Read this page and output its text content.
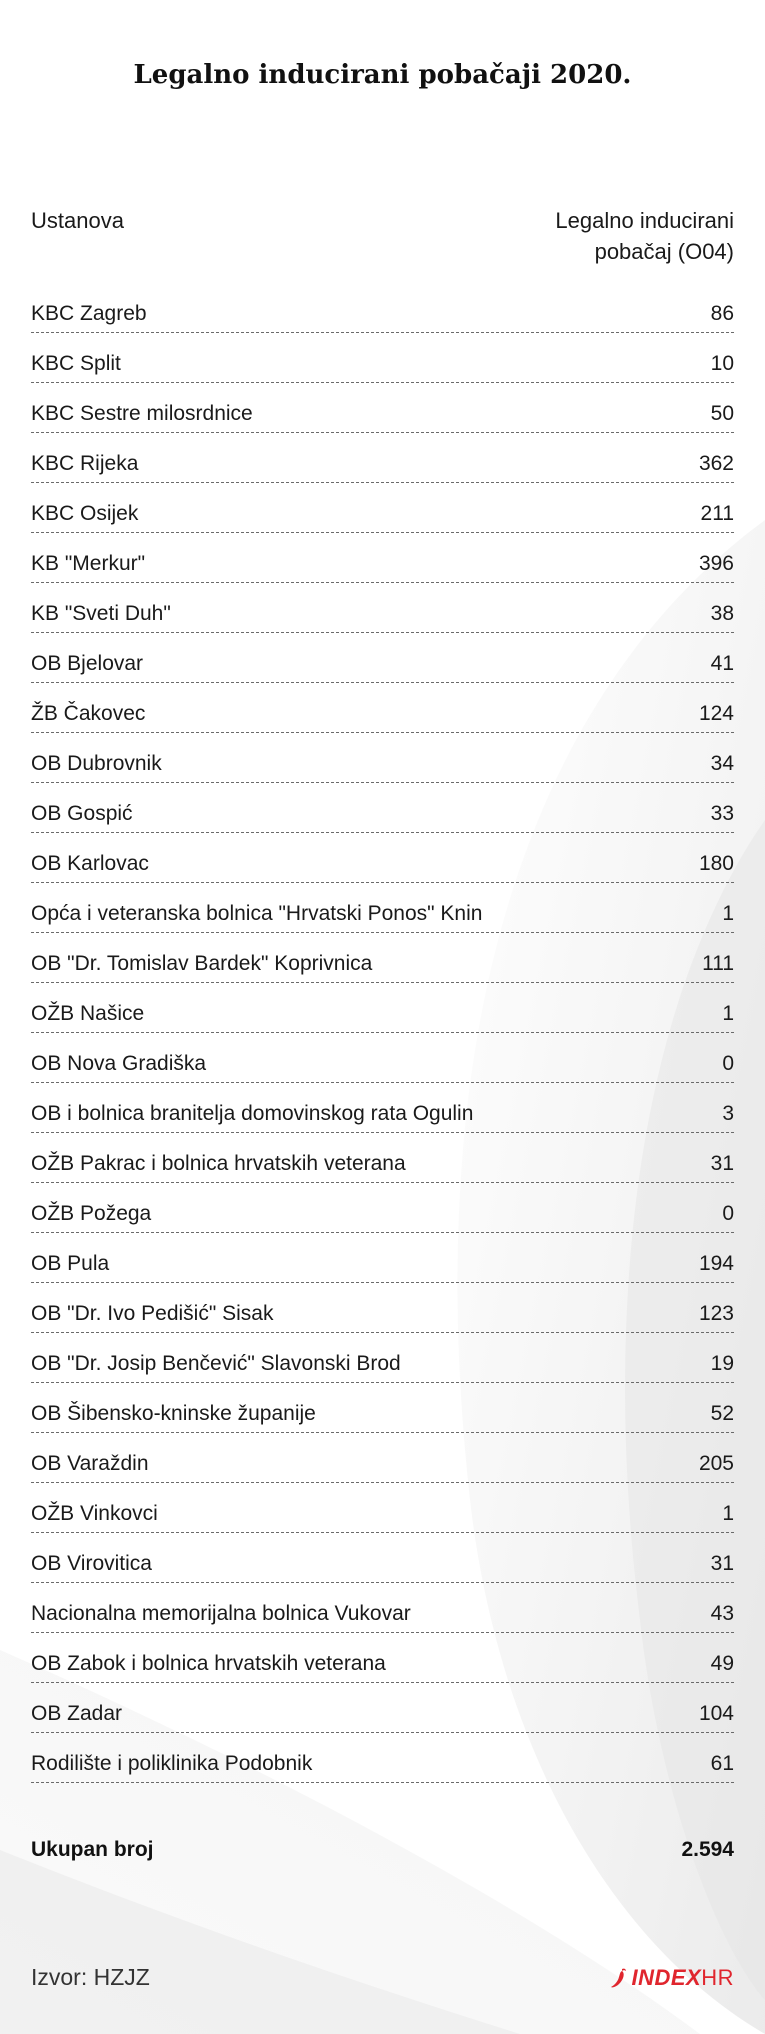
Legalno inducirani pobačaji 2020.
Ustanova	Legalno inducirani
pobačaj (O04)
KBC Zagreb	86
KBC Split	10
KBC Sestre milosrdnice	50
KBC Rijeka	362
KBC Osijek	211
KB "Merkur"	396
KB "Sveti Duh"	38
OB Bjelovar	41
ŽB Čakovec	124
OB Dubrovnik	34
OB Gospić	33
OB Karlovac	180
Opća i veteranska bolnica "Hrvatski Ponos" Knin	1
OB "Dr. Tomislav Bardek" Koprivnica	111
OŽB Našice	1
OB Nova Gradiška	0
OB i bolnica branitelja domovinskog rata Ogulin	3
OŽB Pakrac i bolnica hrvatskih veterana	31
OŽB Požega	0
OB Pula	194
OB "Dr. Ivo Pedišić" Sisak	123
OB "Dr. Josip Benčević" Slavonski Brod	19
OB Šibensko-kninske županije	52
OB Varaždin	205
OŽB Vinkovci	1
OB Virovitica	31
Nacionalna memorijalna bolnica Vukovar	43
OB Zabok i bolnica hrvatskih veterana	49
OB Zadar	104
Rodilište i poliklinika Podobnik	61
Ukupan broj	2.594
Izvor: HZJZ	INDEX HR
